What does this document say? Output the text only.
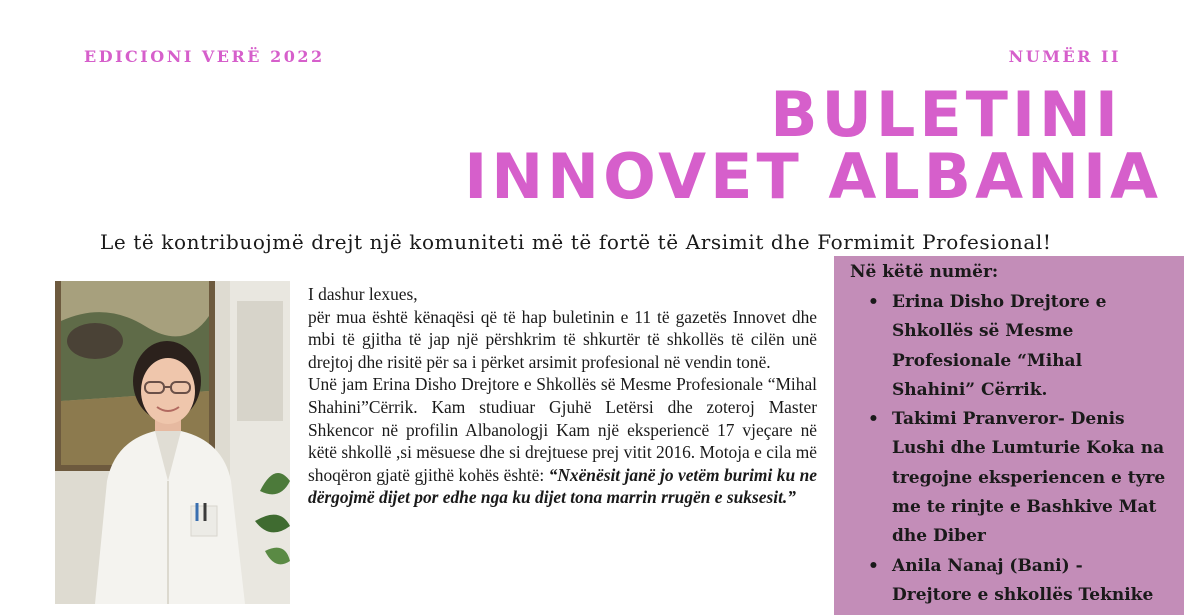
EDICIONI VERË 2022	NUMËR II
BULETINI
INNOVET ALBANIA
Le të kontribuojmë drejt një komuniteti më të fortë të Arsimit dhe Formimit Profesional!

I dashur lexues,

për mua është kënaqësi që të hap buletinin e 11 të gazetës Innovet dhe mbi të gjitha të jap një përshkrim të shkurtër të shkollës të cilën unë drejtoj dhe risitë për sa i përket arsimit profesional në vendin tonë.

Unë jam Erina Disho Drejtore e Shkollës së Mesme Profesionale “Mihal Shahini”Cërrik. Kam studiuar Gjuhë Letërsi dhe zoteroj Master Shkencor në profilin Albanologji Kam një eksperiencë 17 vjeçare në këtë shkollë ,si mësuese dhe si drejtuese prej vitit 2016. Motoja e cila më shoqëron gjatë gjithë kohës është: “Nxënësit janë jo vetëm burimi ku ne dërgojmë dijet por edhe nga ku dijet tona marrin rrugën e suksesit.”

Në këtë numër:
• Erina Disho Drejtore e Shkollës së Mesme Profesionale “Mihal Shahini” Cërrik.
• Takimi Pranveror- Denis Lushi dhe Lumturie Koka na tregojne eksperiencen e tyre me te rinjte e Bashkive Mat dhe Diber
• Anila Nanaj (Bani) - Drejtore e shkollës Teknike
